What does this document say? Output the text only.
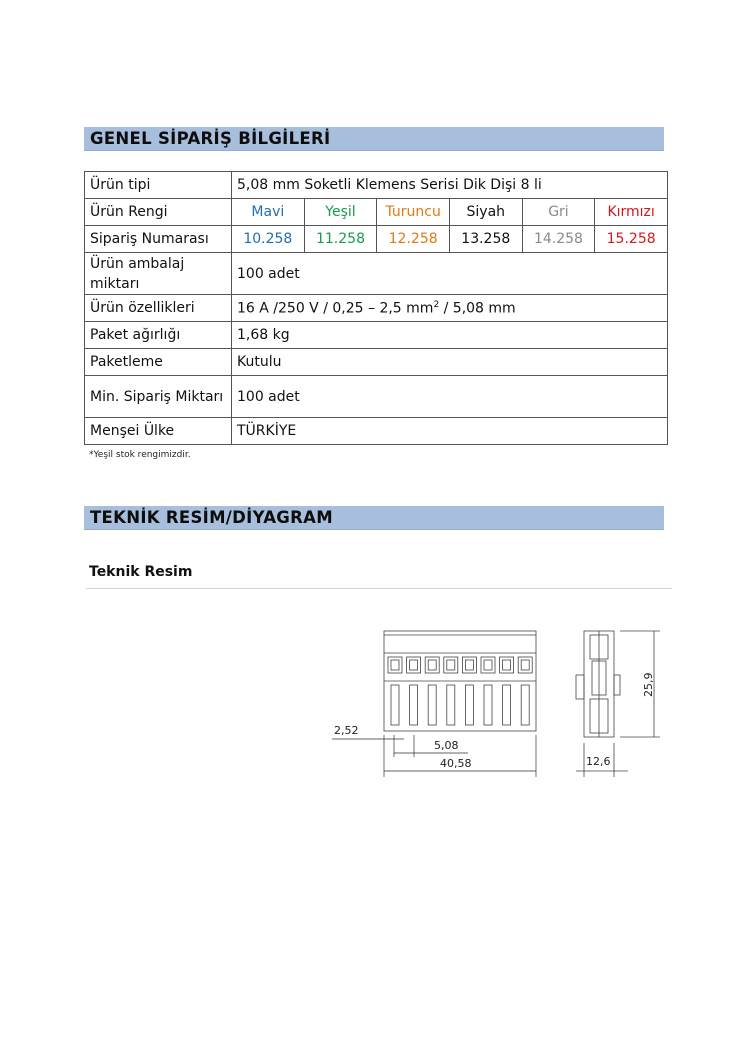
GENEL SİPARİŞ BİLGİLERİ
Ürün tipi	5,08 mm Soketli Klemens Serisi Dik Dişi 8 li					
Ürün Rengi	Mavi	Yeşil	Turuncu	Siyah	Gri	Kırmızı
Sipariş Numarası	10.258	11.258	12.258	13.258	14.258	15.258
Ürün ambalaj miktarı	100 adet					
Ürün özellikleri	16 A /250 V / 0,25 – 2,5 $mm^2 / 5,08$ mm					
Paket ağırlığı	1,68 kg					
Paketleme	Kutulu					
Min. Sipariş Miktarı	100 adet					
Menşei Ülke	TÜRKİYE					
*Yeşil stok rengimizdir.
TEKNİK RESİM/DİYAGRAM
Teknik Resim
2,52
5,08
40,58	12,6
25,9
